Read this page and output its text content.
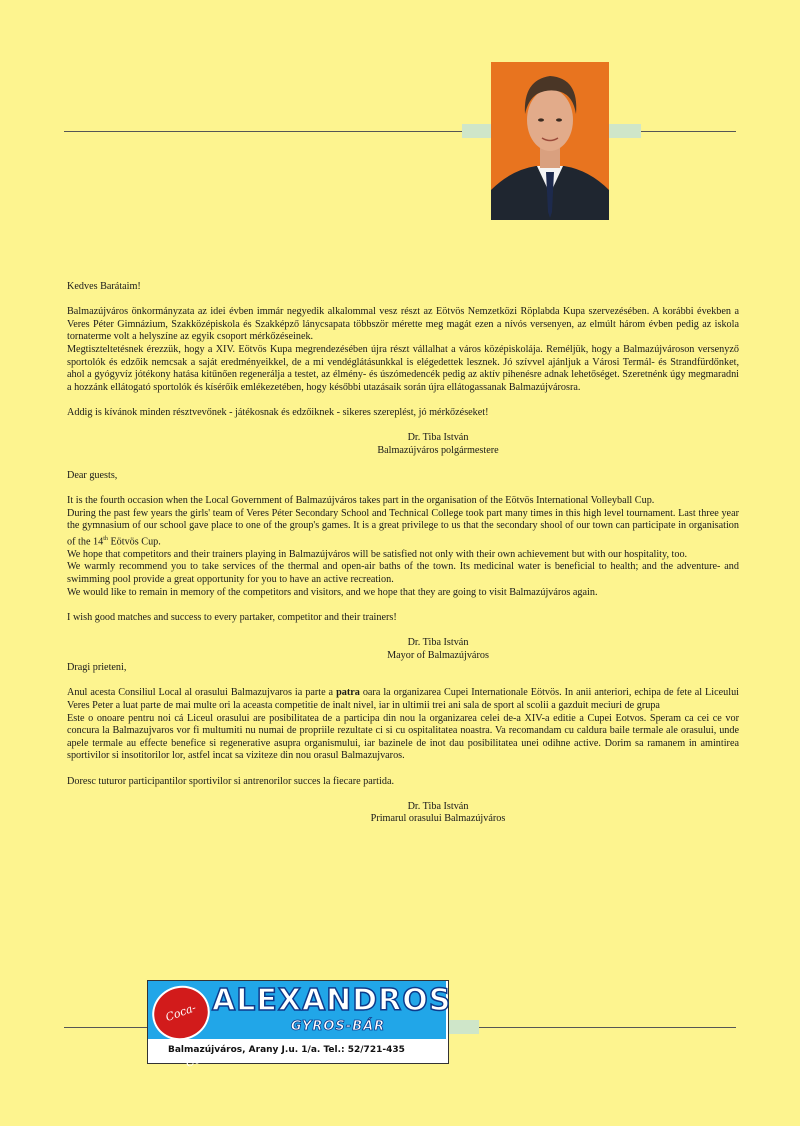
Kedves Barátaim!

Balmazújváros önkormányzata az idei évben immár negyedik alkalommal vesz részt az Eötvös Nemzetközi Röplabda Kupa szervezésében. A korábbi években a Veres Péter Gimnázium, Szakközépiskola és Szakképző lánycsapata többször mérette meg magát ezen a nívós versenyen, az elmúlt három évben pedig az iskola tornaterme volt a helyszíne az egyik csoport mérkőzéseinek.

Megtiszteltetésnek érezzük, hogy a XIV. Eötvös Kupa megrendezésében újra részt vállalhat a város középiskolája. Reméljük, hogy a Balmazújvároson versenyző sportolók és edzőik nemcsak a saját eredményeikkel, de a mi vendéglátásunkkal is elégedettek lesznek. Jó szívvel ajánljuk a Városi Termál- és Strandfürdőnket, ahol a gyógyvíz jótékony hatása kitűnően regenerálja a testet, az élmény- és úszómedencék pedig az aktív pihenésre adnak lehetőséget. Szeretnénk úgy megmaradni a hozzánk ellátogató sportolók és kísérőik emlékezetében, hogy későbbi utazásaik során újra ellátogassanak Balmazújvárosra.

Addig is kívánok minden résztvevőnek - játékosnak és edzőiknek - sikeres szereplést, jó mérkőzéseket!

Dr. Tiba István
Balmazújváros polgármestere

Dear guests,

It is the fourth occasion when the Local Government of Balmazújváros takes part in the organisation of the Eötvös International Volleyball Cup.

During the past few years the girls' team of Veres Péter Secondary School and Technical College took part many times in this high level tournament. Last three year the gymnasium of our school gave place to one of the group's games. It is a great privilege to us that the secondary shool of our town can participate in organisation of the 14th Eötvös Cup.

We hope that competitors and their trainers playing in Balmazújváros will be satisfied not only with their own achievement but with our hospitality, too.

We warmly recommend you to take services of the thermal and open-air baths of the town. Its medicinal water is beneficial to health; and the adventure- and swimming pool provide a great opportunity for you to have an active recreation.

We would like to remain in memory of the competitors and visitors, and we hope that they are going to visit Balmazújváros again.

I wish good matches and success to every partaker, competitor and their trainers!

Dr. Tiba István
Mayor of Balmazújváros

Dragi prieteni,

Anul acesta Consiliul Local al orasului Balmazujvaros ia parte a patra oara la organizarea Cupei Internationale Eötvös. In anii anteriori, echipa de fete al Liceului Veres Peter a luat parte de mai multe ori la aceasta competitie de inalt nivel, iar in ultimii trei ani sala de sport al scolii a gazduit meciuri de grupa

Este o onoare pentru noi cá Liceul orasului are posibilitatea de a participa din nou la organizarea celei de-a XIV-a editie a Cupei Eotvos. Speram ca cei ce vor concura la Balmazujvaros vor fi multumiti nu numai de propriile rezultate ci si cu ospitalitatea noastra. Va recomandam cu caldura baile termale ale orasului, unde apele termale au effecte benefice si regenerative asupra organismului, iar bazinele de inot dau posibilitatea unei odihne active. Dorim sa ramanem in amintirea sportivilor si insotitorilor lor, astfel incat sa viziteze din nou orasul Balmazujvaros.

Doresc tuturor participantilor sportivilor si antrenorilor succes la fiecare partida.

Dr. Tiba István
Primarul orasului Balmazújváros
Coca-Cola
ALEXANDROS
GYROS-BÁR
Balmazújváros, Arany J.u. 1/a. Tel.: 52/721-435
